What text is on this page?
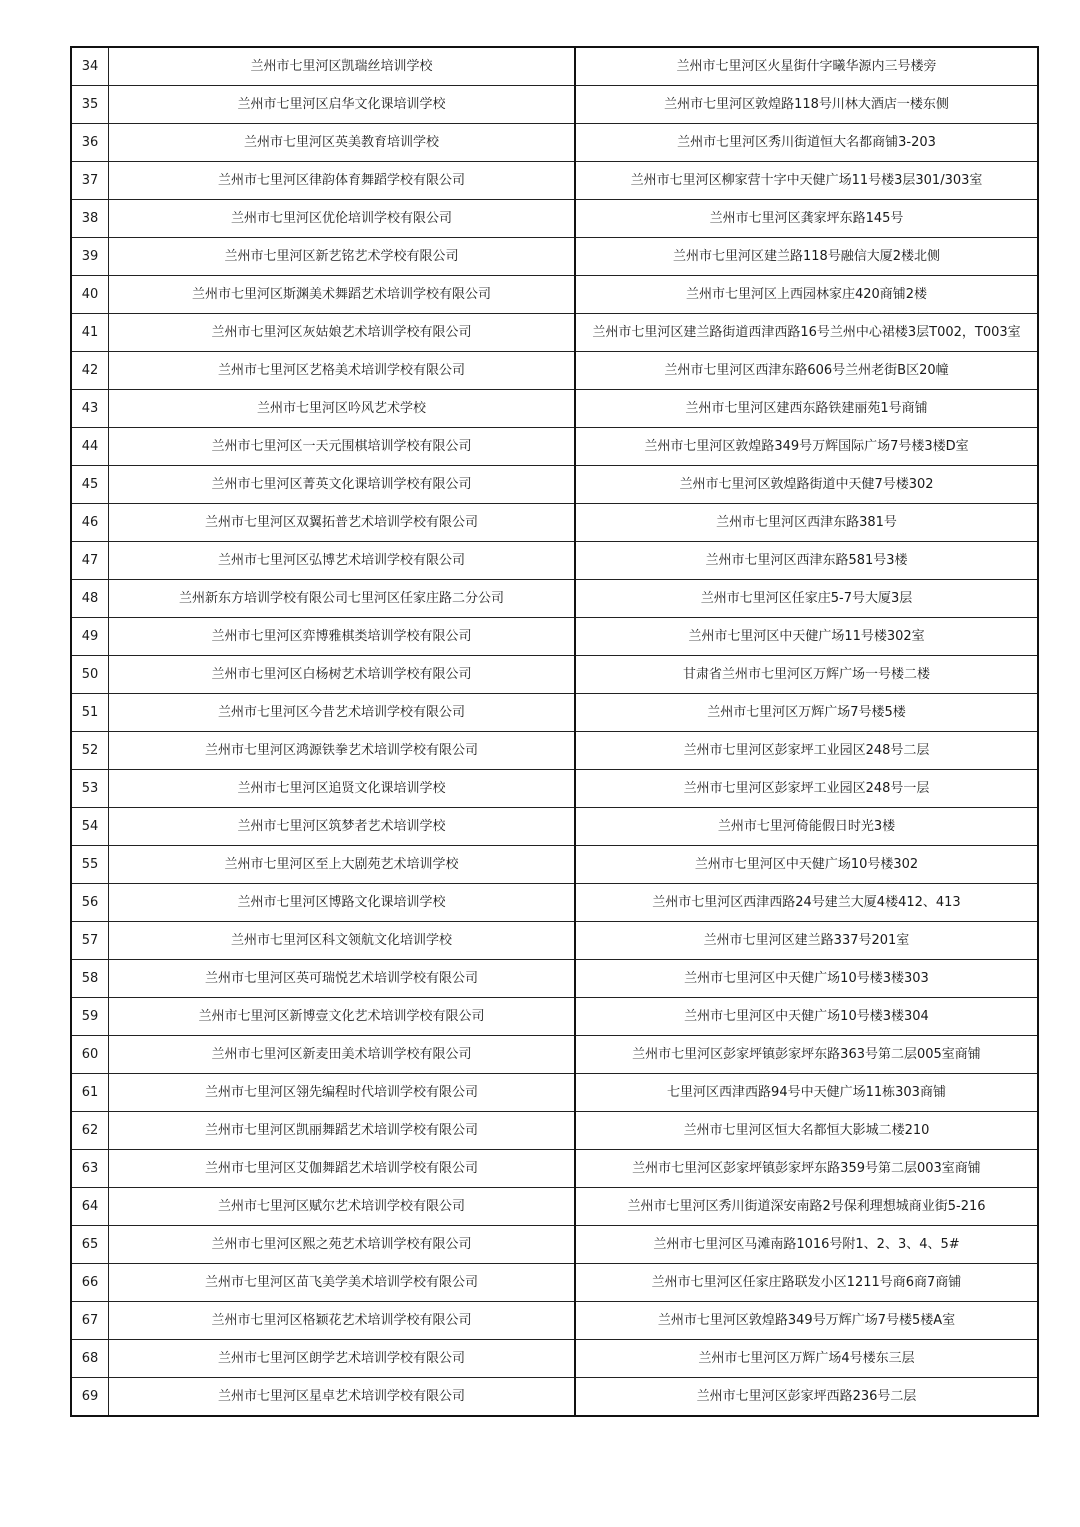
34	兰州市七里河区凯瑞丝培训学校	兰州市七里河区火星街什字曦华源内三号楼旁
35	兰州市七里河区启华文化课培训学校	兰州市七里河区敦煌路118号川林大酒店一楼东侧
36	兰州市七里河区英美教育培训学校	兰州市七里河区秀川街道恒大名都商铺3-203
37	兰州市七里河区律韵体育舞蹈学校有限公司	兰州市七里河区柳家营十字中天健广场11号楼3层301/303室
38	兰州市七里河区优伦培训学校有限公司	兰州市七里河区龚家坪东路145号
39	兰州市七里河区新艺铭艺术学校有限公司	兰州市七里河区建兰路118号融信大厦2楼北侧
40	兰州市七里河区斯渊美术舞蹈艺术培训学校有限公司	兰州市七里河区上西园林家庄420商铺2楼
41	兰州市七里河区灰姑娘艺术培训学校有限公司	兰州市七里河区建兰路街道西津西路16号兰州中心裙楼3层T002，T003室
42	兰州市七里河区艺格美术培训学校有限公司	兰州市七里河区西津东路606号兰州老街B区20幢
43	兰州市七里河区吟风艺术学校	兰州市七里河区建西东路铁建丽苑1号商铺
44	兰州市七里河区一天元围棋培训学校有限公司	兰州市七里河区敦煌路349号万辉国际广场7号楼3楼D室
45	兰州市七里河区菁英文化课培训学校有限公司	兰州市七里河区敦煌路街道中天健7号楼302
46	兰州市七里河区双翼拓普艺术培训学校有限公司	兰州市七里河区西津东路381号
47	兰州市七里河区弘博艺术培训学校有限公司	兰州市七里河区西津东路581号3楼
48	兰州新东方培训学校有限公司七里河区任家庄路二分公司	兰州市七里河区任家庄5-7号大厦3层
49	兰州市七里河区弈博雅棋类培训学校有限公司	兰州市七里河区中天健广场11号楼302室
50	兰州市七里河区白杨树艺术培训学校有限公司	甘肃省兰州市七里河区万辉广场一号楼二楼
51	兰州市七里河区今昔艺术培训学校有限公司	兰州市七里河区万辉广场7号楼5楼
52	兰州市七里河区鸿源铁拳艺术培训学校有限公司	兰州市七里河区彭家坪工业园区248号二层
53	兰州市七里河区追贤文化课培训学校	兰州市七里河区彭家坪工业园区248号一层
54	兰州市七里河区筑梦者艺术培训学校	兰州市七里河倚能假日时光3楼
55	兰州市七里河区至上大剧苑艺术培训学校	兰州市七里河区中天健广场10号楼302
56	兰州市七里河区博路文化课培训学校	兰州市七里河区西津西路24号建兰大厦4楼412、413
57	兰州市七里河区科文领航文化培训学校	兰州市七里河区建兰路337号201室
58	兰州市七里河区英可瑞悦艺术培训学校有限公司	兰州市七里河区中天健广场10号楼3楼303
59	兰州市七里河区新博壹文化艺术培训学校有限公司	兰州市七里河区中天健广场10号楼3楼304
60	兰州市七里河区新麦田美术培训学校有限公司	兰州市七里河区彭家坪镇彭家坪东路363号第二层005室商铺
61	兰州市七里河区翎先编程时代培训学校有限公司	七里河区西津西路94号中天健广场11栋303商铺
62	兰州市七里河区凯丽舞蹈艺术培训学校有限公司	兰州市七里河区恒大名都恒大影城二楼210
63	兰州市七里河区艾伽舞蹈艺术培训学校有限公司	兰州市七里河区彭家坪镇彭家坪东路359号第二层003室商铺
64	兰州市七里河区赋尔艺术培训学校有限公司	兰州市七里河区秀川街道深安南路2号保利理想城商业街5-216
65	兰州市七里河区熙之苑艺术培训学校有限公司	兰州市七里河区马滩南路1016号附1、2、3、4、5#
66	兰州市七里河区苗飞美学美术培训学校有限公司	兰州市七里河区任家庄路联发小区1211号商6商7商铺
67	兰州市七里河区格颖花艺术培训学校有限公司	兰州市七里河区敦煌路349号万辉广场7号楼5楼A室
68	兰州市七里河区朗学艺术培训学校有限公司	兰州市七里河区万辉广场4号楼东三层
69	兰州市七里河区星卓艺术培训学校有限公司	兰州市七里河区彭家坪西路236号二层
